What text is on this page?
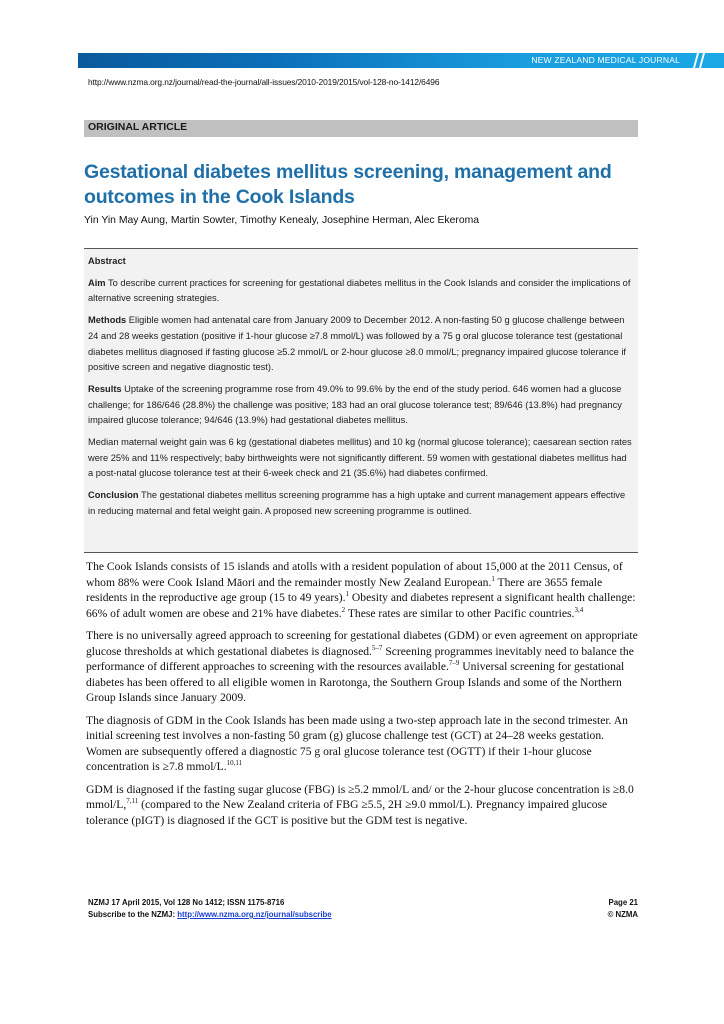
NEW ZEALAND MEDICAL JOURNAL
http://www.nzma.org.nz/journal/read-the-journal/all-issues/2010-2019/2015/vol-128-no-1412/6496
ORIGINAL ARTICLE
Gestational diabetes mellitus screening, management and outcomes in the Cook Islands
Yin Yin May Aung, Martin Sowter, Timothy Kenealy, Josephine Herman, Alec Ekeroma
Abstract

Aim To describe current practices for screening for gestational diabetes mellitus in the Cook Islands and consider the implications of alternative screening strategies.

Methods Eligible women had antenatal care from January 2009 to December 2012. A non-fasting 50 g glucose challenge between 24 and 28 weeks gestation (positive if 1-hour glucose ≥7.8 mmol/L) was followed by a 75 g oral glucose tolerance test (gestational diabetes mellitus diagnosed if fasting glucose ≥5.2 mmol/L or 2-hour glucose ≥8.0 mmol/L; pregnancy impaired glucose tolerance if positive screen and negative diagnostic test).

Results Uptake of the screening programme rose from 49.0% to 99.6% by the end of the study period. 646 women had a glucose challenge; for 186/646 (28.8%) the challenge was positive; 183 had an oral glucose tolerance test; 89/646 (13.8%) had pregnancy impaired glucose tolerance; 94/646 (13.9%) had gestational diabetes mellitus.

Median maternal weight gain was 6 kg (gestational diabetes mellitus) and 10 kg (normal glucose tolerance); caesarean section rates were 25% and 11% respectively; baby birthweights were not significantly different. 59 women with gestational diabetes mellitus had a post-natal glucose tolerance test at their 6-week check and 21 (35.6%) had diabetes confirmed.

Conclusion The gestational diabetes mellitus screening programme has a high uptake and current management appears effective in reducing maternal and fetal weight gain. A proposed new screening programme is outlined.

The Cook Islands consists of 15 islands and atolls with a resident population of about 15,000 at the 2011 Census, of whom 88% were Cook Island Māori and the remainder mostly New Zealand European.$^1$ There are 3655 female residents in the reproductive age group (15 to 49 years).$^1$ Obesity and diabetes represent a significant health challenge: 66% of adult women are obese and 21% have diabetes.$^2$ These rates are similar to other Pacific countries.$^{3,4}$

There is no universally agreed approach to screening for gestational diabetes (GDM) or even agreement on appropriate glucose thresholds at which gestational diabetes is diagnosed.$^{5-7}$ Screening programmes inevitably need to balance the performance of different approaches to screening with the resources available.$^{7-9}$ Universal screening for gestational diabetes has been offered to all eligible women in Rarotonga, the Southern Group Islands and some of the Northern Group Islands since January 2009.

The diagnosis of GDM in the Cook Islands has been made using a two-step approach late in the second trimester. An initial screening test involves a non-fasting 50 gram (g) glucose challenge test (GCT) at 24–28 weeks gestation. Women are subsequently offered a diagnostic 75 g oral glucose tolerance test (OGTT) if their 1-hour glucose concentration is ≥7.8 mmol/L.$^{10,11}$

GDM is diagnosed if the fasting sugar glucose (FBG) is ≥5.2 mmol/L and/ or the 2-hour glucose concentration is ≥8.0 mmol/L,$^{7,11}$ (compared to the New Zealand criteria of FBG ≥5.5, 2H ≥9.0 mmol/L). Pregnancy impaired glucose tolerance (pIGT) is diagnosed if the GCT is positive but the GDM test is negative.

NZMJ 17 April 2015, Vol 128 No 1412; ISSN 1175-8716
Subscribe to the NZMJ: http://www.nzma.org.nz/journal/subscribe
Page 21
© NZMA
